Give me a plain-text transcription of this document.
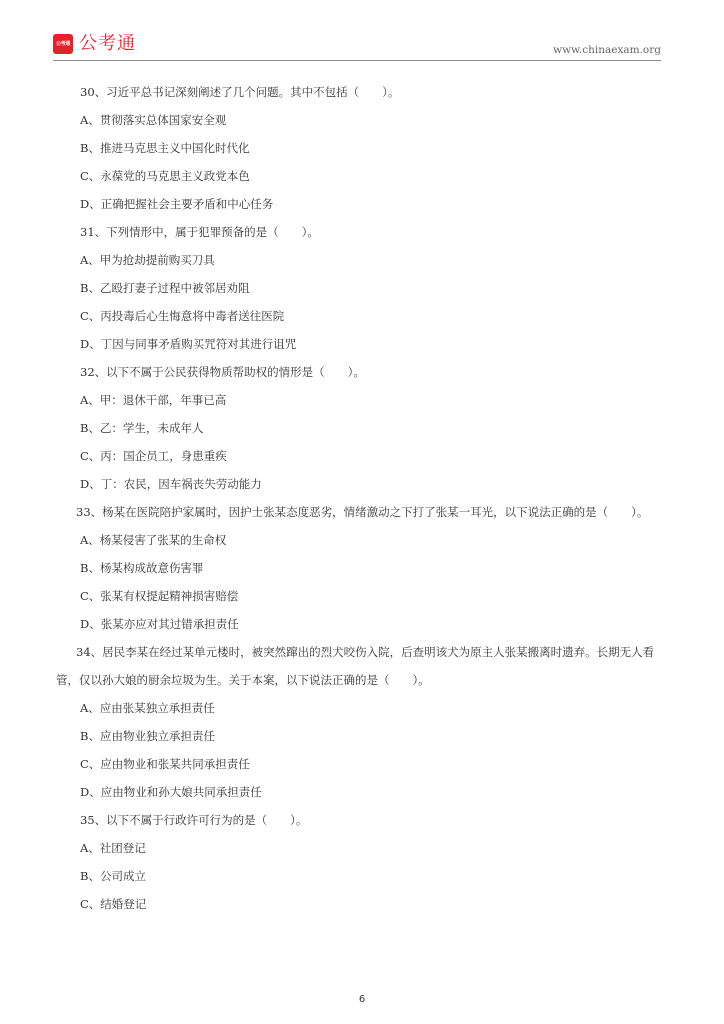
公考通 公考通	www.chinaexam.org
30、习近平总书记深刻阐述了几个问题。其中不包括（　　）。
A、贯彻落实总体国家安全观
B、推进马克思主义中国化时代化
C、永葆党的马克思主义政党本色
D、正确把握社会主要矛盾和中心任务
31、下列情形中，属于犯罪预备的是（　　）。
A、甲为抢劫提前购买刀具
B、乙殴打妻子过程中被邻居劝阻
C、丙投毒后心生悔意将中毒者送往医院
D、丁因与同事矛盾购买咒符对其进行诅咒
32、以下不属于公民获得物质帮助权的情形是（　　）。
A、甲：退休干部，年事已高
B、乙：学生，未成年人
C、丙：国企员工，身患重疾
D、丁：农民，因车祸丧失劳动能力
33、杨某在医院陪护家属时，因护士张某态度恶劣，情绪激动之下打了张某一耳光，以下说法正确的是（　　）。
A、杨某侵害了张某的生命权
B、杨某构成故意伤害罪
C、张某有权提起精神损害赔偿
D、张某亦应对其过错承担责任
34、居民李某在经过某单元楼时，被突然蹿出的烈犬咬伤入院，后查明该犬为原主人张某搬离时遗弃。长期无人看管，仅以孙大娘的厨余垃圾为生。关于本案，以下说法正确的是（　　）。
A、应由张某独立承担责任
B、应由物业独立承担责任
C、应由物业和张某共同承担责任
D、应由物业和孙大娘共同承担责任
35、以下不属于行政许可行为的是（　　）。
A、社团登记
B、公司成立
C、结婚登记
6
